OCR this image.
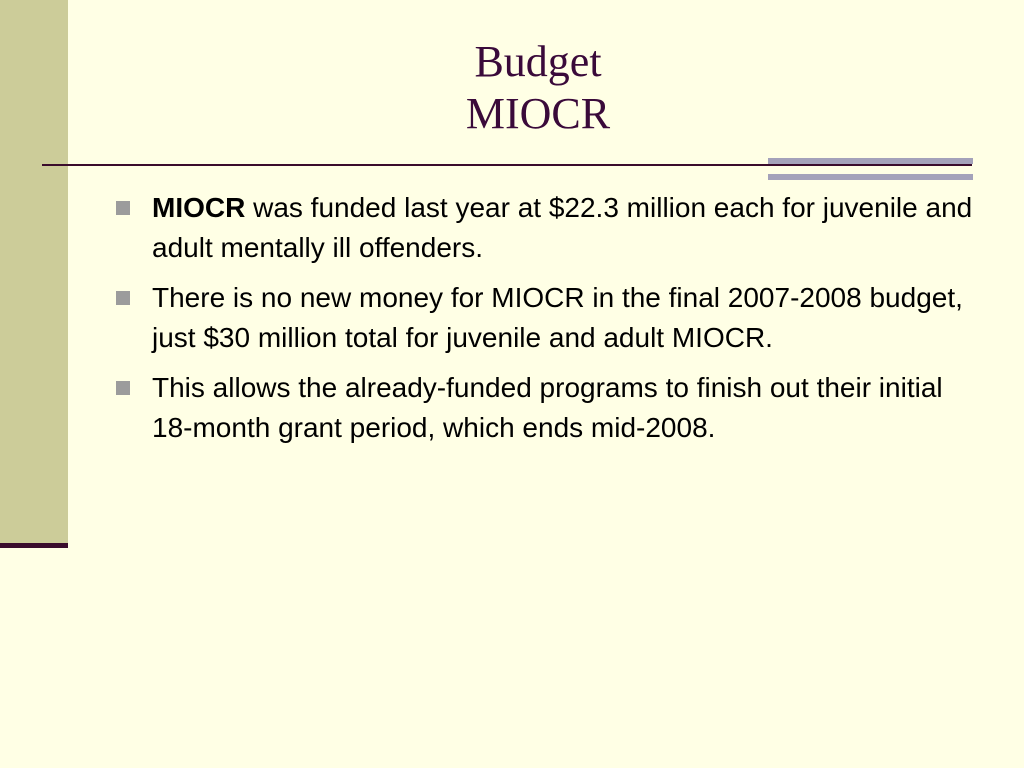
Budget
MIOCR
MIOCR was funded last year at $22.3 million each for juvenile and adult mentally ill offenders.
There is no new money for MIOCR in the final 2007-2008 budget, just $30 million total for juvenile and adult MIOCR.
This allows the already-funded programs to finish out their initial 18-month grant period, which ends mid-2008.
